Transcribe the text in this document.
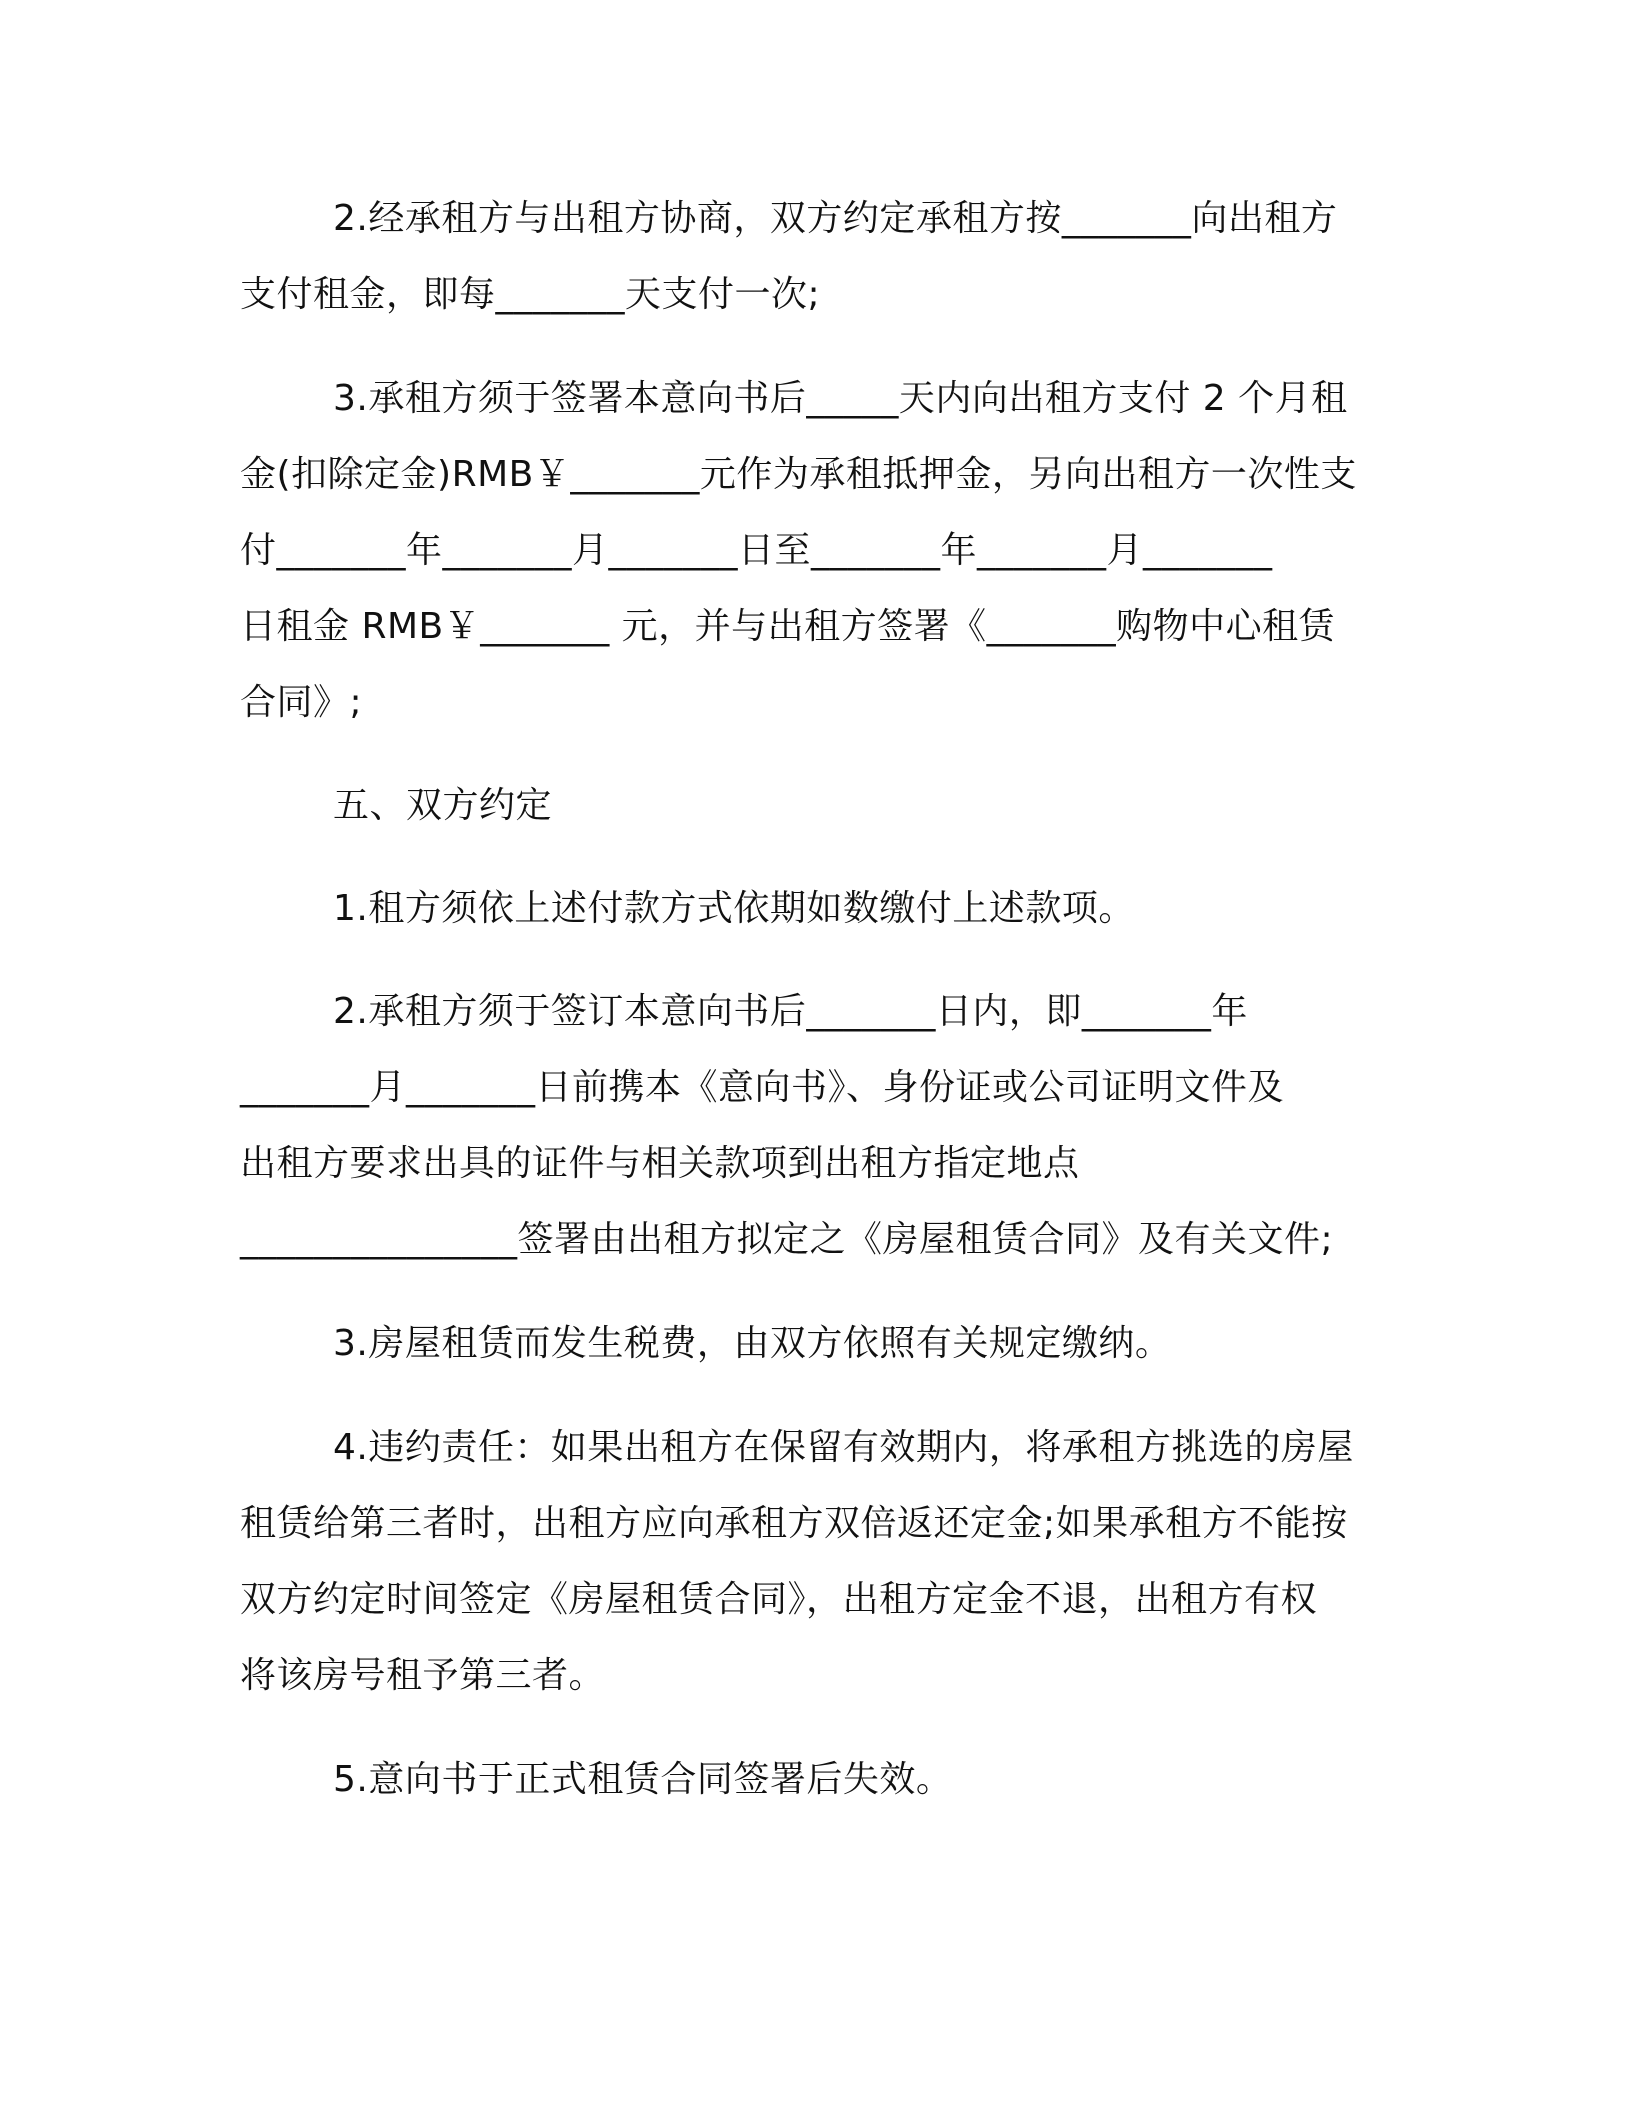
2.经承租方与出租方协商，双方约定承租方按_______向出租方
支付租金，即每_______天支付一次;
3.承租方须于签署本意向书后_____天内向出租方支付 2 个月租
金(扣除定金)RMB￥_______元作为承租抵押金，另向出租方一次性支
付_______年_______月_______日至_______年_______月_______
日租金 RMB￥_______ 元，并与出租方签署《_______购物中心租赁
合同》;
五、双方约定
1.租方须依上述付款方式依期如数缴付上述款项。
2.承租方须于签订本意向书后_______日内，即_______年
_______月_______日前携本《意向书》、身份证或公司证明文件及
出租方要求出具的证件与相关款项到出租方指定地点
_______________签署由出租方拟定之《房屋租赁合同》及有关文件;
3.房屋租赁而发生税费，由双方依照有关规定缴纳。
4.违约责任：如果出租方在保留有效期内，将承租方挑选的房屋
租赁给第三者时，出租方应向承租方双倍返还定金;如果承租方不能按
双方约定时间签定《房屋租赁合同》，出租方定金不退，出租方有权
将该房号租予第三者。
5.意向书于正式租赁合同签署后失效。
